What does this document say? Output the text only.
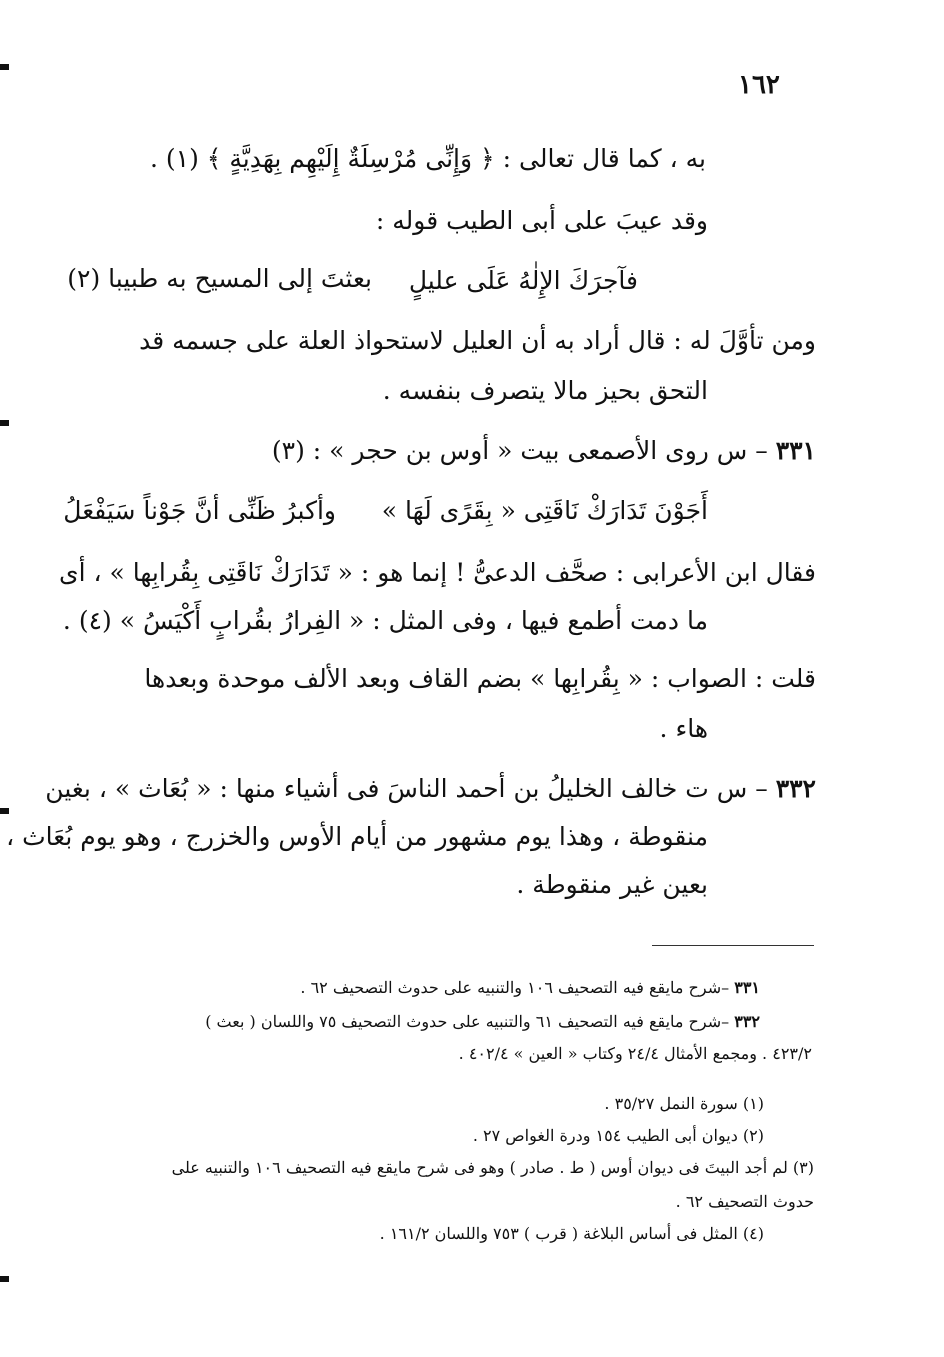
١٦٢
به ، كما قال تعالى : ﴿ وَإِنِّى مُرْسِلَةٌ إِلَيْهِم بِهَدِيَّةٍ ﴾ (١) .
وقد عيبَ على أبى الطيب قوله :
فآجرَكَ الإِلٰهُ عَلَى عليلٍ
بعثتَ إلى المسيح به طبيبا (٢)
ومن تأوَّلَ له : قال أراد به أن العليل لاستحواذ العلة على جسمه قد
التحق بحيز مالا يتصرف بنفسه .
٣٣١ – س روى الأصمعى بيت « أوس بن حجر » : (٣)
أَجَوْنَ تَدَارَكْ نَاقَتِى « بِقَرًى لَهَا »
وأكبرُ ظَنِّى أنَّ جَوْناً سَيَفْعَلُ
فقال ابن الأعرابى : صحَّف الدعىُّ ! إنما هو : « تَدَارَكْ نَاقَتِى بِقُرابِها » ، أى
ما دمت أطمع فيها ، وفى المثل : « الفِرارُ بقُرابٍ أَكْيَسُ » (٤) .
قلت : الصواب : « بِقُرابِها » بضم القاف وبعد الألف موحدة وبعدها
هاء .
٣٣٢ – س ت خالف الخليلُ بن أحمد الناسَ فى أشياء منها : « بُعَاث » ، بغين
منقوطة ، وهذا يوم مشهور من أيام الأوس والخزرج ، وهو يوم بُعَاث ،
بعين غير منقوطة .
٣٣١ –شرح مايقع فيه التصحيف ١٠٦ والتنبيه على حدوث التصحيف ٦٢ .
٣٣٢ –شرح مايقع فيه التصحيف ٦١ والتنبيه على حدوث التصحيف ٧٥ واللسان ( بعث )
٤٢٣/٢ . ومجمع الأمثال ٢٤/٤ وكتاب « العين » ٤٠٢/٤ .
(١) سورة النمل ٣٥/٢٧ .
(٢) ديوان أبى الطيب ١٥٤ ودرة الغواص ٢٧ .
(٣) لم أجد البيتَ فى ديوان أوس ( ط . صادر ) وهو فى شرح مايقع فيه التصحيف ١٠٦ والتنبيه على
حدوث التصحيف ٦٢ .
(٤) المثل فى أساس البلاغة ( قرب ) ٧٥٣ واللسان ١٦١/٢ .
